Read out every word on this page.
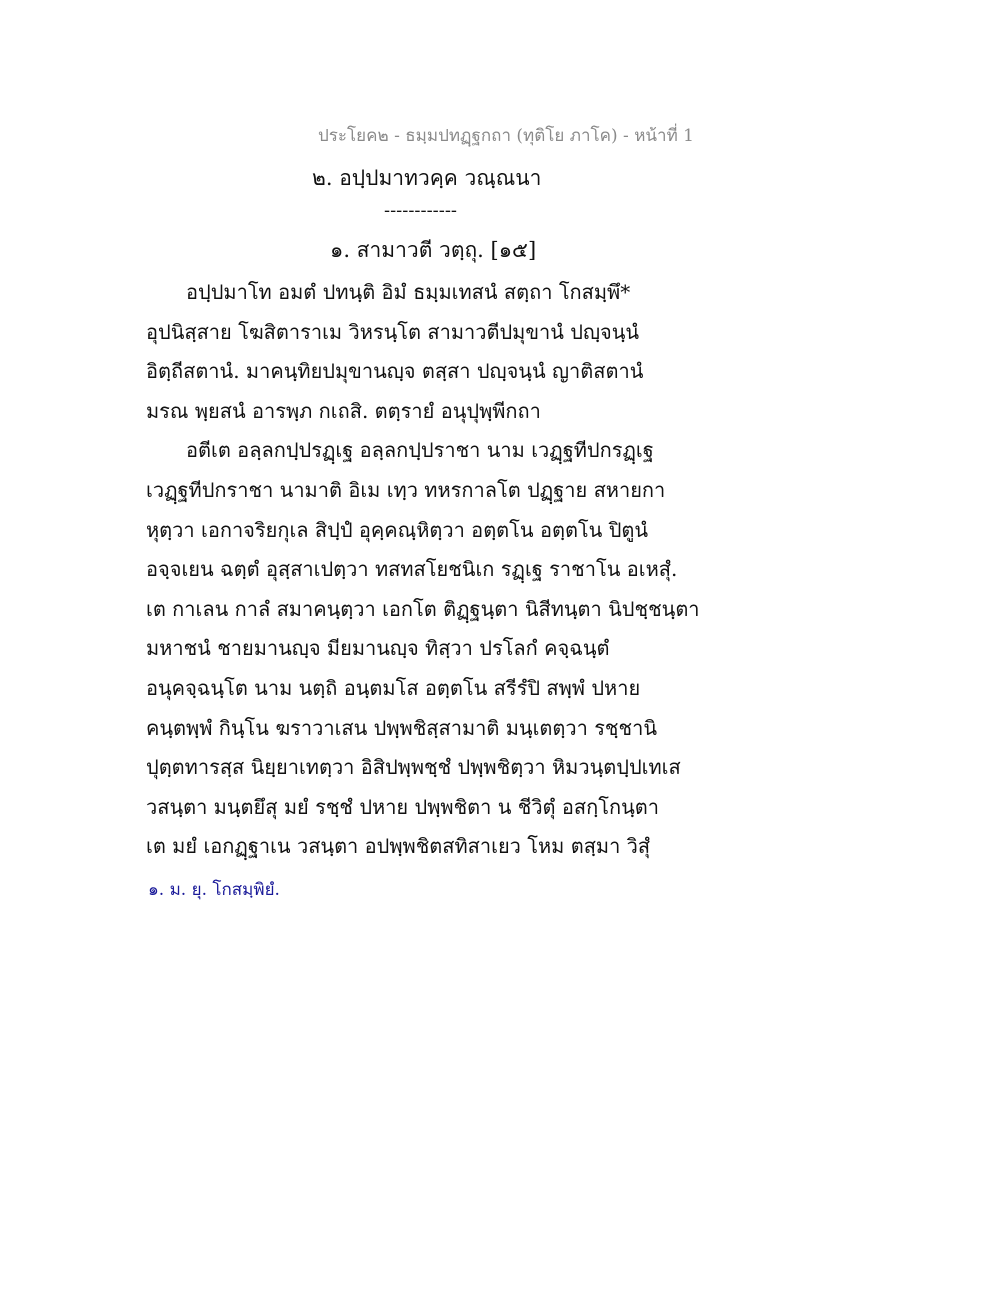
ประโยค๒ - ธมฺมปทฏฺฐกถา (ทุติโย ภาโค) - หน้าที่ 1
๒. อปฺปมาทวคฺค วณฺณนา
------------
๑. สามาวตี วตฺถุ. [๑๕]
อปฺปมาโท อมตํ ปทนฺติ อิมํ ธมฺมเทสนํ สตฺถา โกสมฺพึ*
อุปนิสฺสาย โฆสิตาราเม วิหรนฺโต สามาวตีปมุขานํ ปญฺจนฺนํ
อิตฺถีสตานํ. มาคนฺทิยปมุขานญฺจ ตสฺสา ปญฺจนฺนํ ญาติสตานํ
มรณ พฺยสนํ อารพฺภ กเถสิ. ตตฺรายํ อนุปุพฺพีกถา
อตีเต อลฺลกปฺปรฏฺเฐ อลฺลกปฺปราชา นาม เวฏฺฐทีปกรฏฺเฐ
เวฏฺฐทีปกราชา นามาติ อิเม เทฺว ทหรกาลโต ปฏฺฐาย สหายกา
หุตฺวา เอกาจริยกุเล สิปฺปํ อุคฺคณฺหิตฺวา อตฺตโน อตฺตโน ปิตูนํ
อจฺจเยน ฉตฺตํ อุสฺสาเปตฺวา ทสทสโยชนิเก รฏฺเฐ ราชาโน อเหสุํ.
เต กาเลน กาลํ สมาคนฺตฺวา เอกโต ติฏฺฐนฺตา นิสีทนฺตา นิปชฺชนฺตา
มหาชนํ ชายมานญฺจ มียมานญฺจ ทิสฺวา ปรโลกํ คจฺฉนฺตํ
อนุคจฺฉนฺโต นาม นตฺถิ อนฺตมโส อตฺตโน สรีรํปิ สพฺพํ ปหาย
คนฺตพฺพํ กินฺโน ฆราวาเสน ปพฺพชิสฺสามาติ มนฺเตตฺวา รชฺชานิ
ปุตฺตทารสฺส นิยฺยาเทตฺวา อิสิปพฺพชฺชํ ปพฺพชิตฺวา หิมวนฺตปฺปเทเส
วสนฺตา มนฺตยึสุ มยํ รชฺชํ ปหาย ปพฺพชิตา น ชีวิตุํ อสกฺโกนฺตา
เต มยํ เอกฏฺฐาเน วสนฺตา อปพฺพชิตสทิสาเยว โหม ตสฺมา วิสุํ
๑. ม. ยุ. โกสมฺพิยํ.
